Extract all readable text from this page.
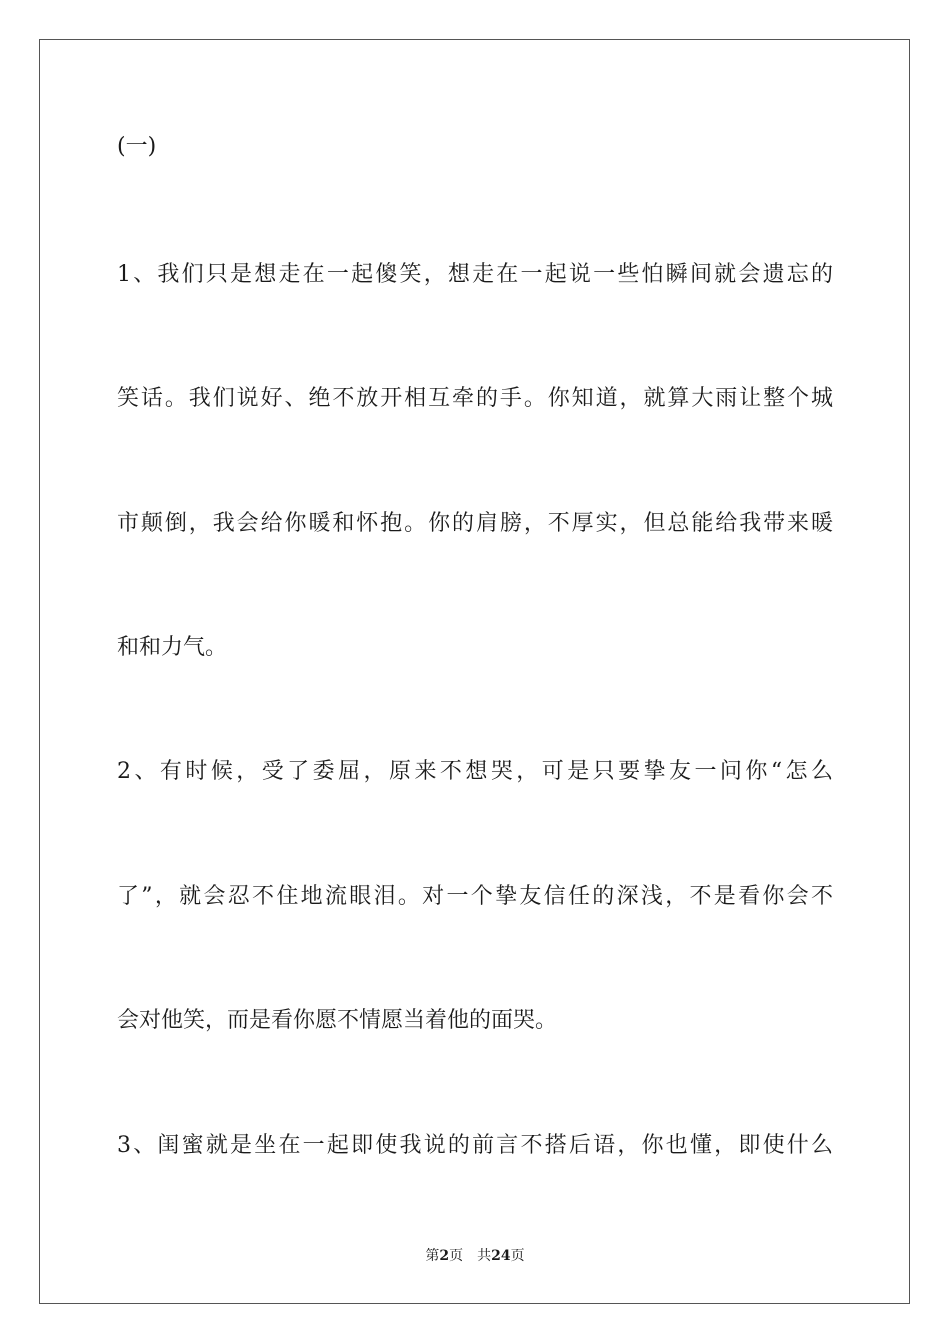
(一)
1、我们只是想走在一起傻笑，想走在一起说一些怕瞬间就会遗忘的
笑话。我们说好、绝不放开相互牵的手。你知道，就算大雨让整个城
市颠倒，我会给你暖和怀抱。你的肩膀，不厚实，但总能给我带来暖
和和力气。
2、有时候，受了委屈，原来不想哭，可是只要挚友一问你“怎么
了”，就会忍不住地流眼泪。对一个挚友信任的深浅，不是看你会不
会对他笑，而是看你愿不情愿当着他的面哭。
3、闺蜜就是坐在一起即使我说的前言不搭后语，你也懂，即使什么
第2页 共24页
